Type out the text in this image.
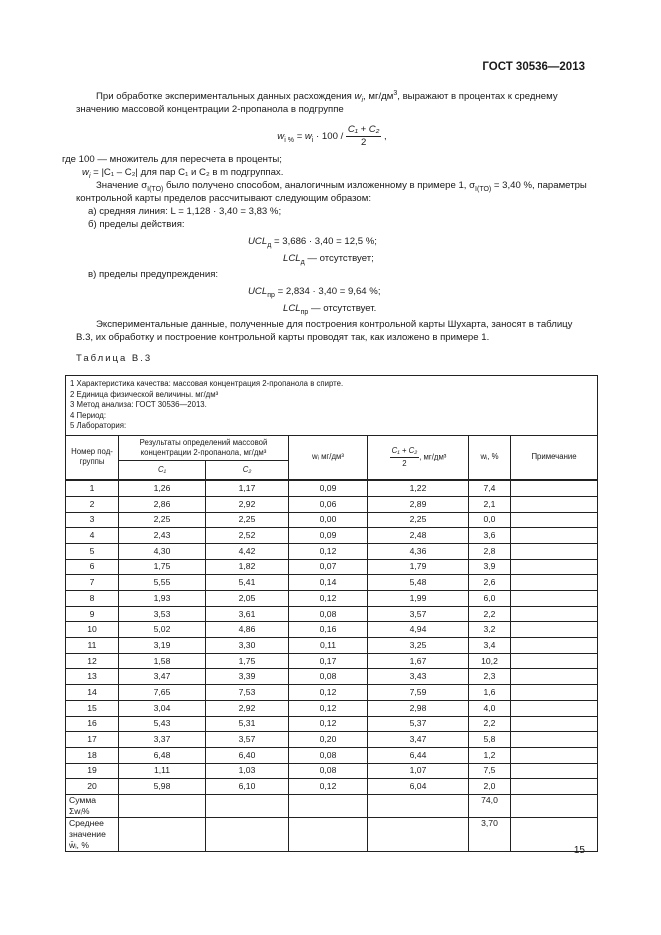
ГОСТ 30536—2013
При обработке экспериментальных данных расхождения $w_i$, $мг/дм^3$, выражают в процентах к среднему значению массовой концентрации 2-пропанола в подгруппе
$w_{i \%} = w_i \cdot 100 / \frac{\text{C₁ + C₂}}{2}$ ,
где 100 — множитель для пересчета в проценты;
$w_i = |C_1 - C_2|$ для пар C₁ и C₂ в m подгруппах.
Значение $\sigma_{I(TO)}$ было получено способом, аналогичным изложенному в примере 1, $\sigma_{I(TO)} = 3,40$ %, параметры контрольной карты пределов рассчитывают следующим образом:
а) средняя линия: L = 1,128 · 3,40 = 3,83 %;
б) пределы действия:
$UCL_д = 3,686 \cdot 3,40 = 12,5$ %;
$LCL_д$ — отсутствует;
в) пределы предупреждения:
$UCL_{пр} = 2,834 \cdot 3,40 = 9,64$ %;
$LCL_{пр}$ — отсутствует.
Экспериментальные данные, полученные для построения контрольной карты Шухарта, заносят в таблицу В.3, их обработку и построение контрольной карты проводят так, как изложено в примере 1.
Таблица В.3
1 Характеристика качества: массовая концентрация 2-пропанола в спирте.
2 Единица физической величины. мг/дм³
3 Метод анализа: ГОСТ 30536—2013.
4 Период:
5 Лаборатория:						

Номер под-группы	Результаты определений массовой концентрации 2-пропанола, мг/дм³		wᵢ мг/дм³	$\frac{\text{C₁ + C₂}}{2}$ , мг/дм³	wᵢ, %	Примечание
	C₁	C₂				
1	1,26	1,17	0,09	1,22	7,4	
2	2,86	2,92	0,06	2,89	2,1	
3	2,25	2,25	0,00	2,25	0,0	
4	2,43	2,52	0,09	2,48	3,6	
5	4,30	4,42	0,12	4,36	2,8	
6	1,75	1,82	0,07	1,79	3,9	
7	5,55	5,41	0,14	5,48	2,6	
8	1,93	2,05	0,12	1,99	6,0	
9	3,53	3,61	0,08	3,57	2,2	
10	5,02	4,86	0,16	4,94	3,2	
11	3,19	3,30	0,11	3,25	3,4	
12	1,58	1,75	0,17	1,67	10,2	
13	3,47	3,39	0,08	3,43	2,3	
14	7,65	7,53	0,12	7,59	1,6	
15	3,04	2,92	0,12	2,98	4,0	
16	5,43	5,31	0,12	5,37	2,2	
17	3,37	3,57	0,20	3,47	5,8	
18	6,48	6,40	0,08	6,44	1,2	
19	1,11	1,03	0,08	1,07	7,5	
20	5,98	6,10	0,12	6,04	2,0	
Сумма Σwᵢ%					74,0	
Среднее значение w̄ᵢ, %					3,70	
15
